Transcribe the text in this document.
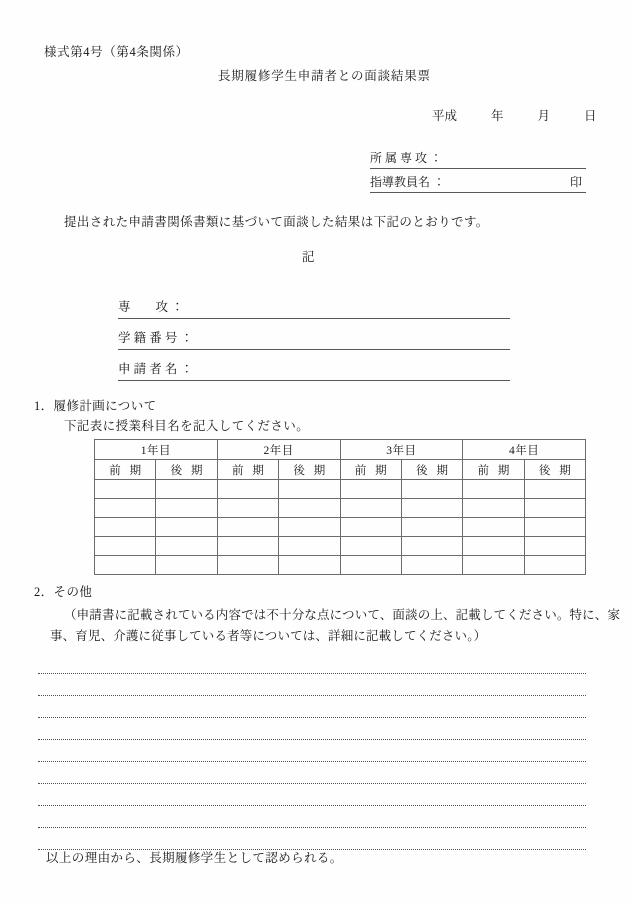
様式第4号（第4条関係）
長期履修学生申請者との面談結果票
平成	年	月	日
所 属 専 攻 ：
指導教員名 ：	印
提出された申請書関係書類に基づいて面談した結果は下記のとおりです。
記
専　　攻 ：
学 籍 番 号 ：
申 請 者 名 ：
1．履修計画について
下記表に授業科目名を記入してください。
1年目		2年目		3年目		4年目	
前 期	後 期	前 期	後 期	前 期	後 期	前 期	後 期

2．その他
（申請書に記載されている内容では不十分な点について、面談の上、記載してください。特に、家
事、育児、介護に従事している者等については、詳細に記載してください。）
以上の理由から、長期履修学生として認められる。
